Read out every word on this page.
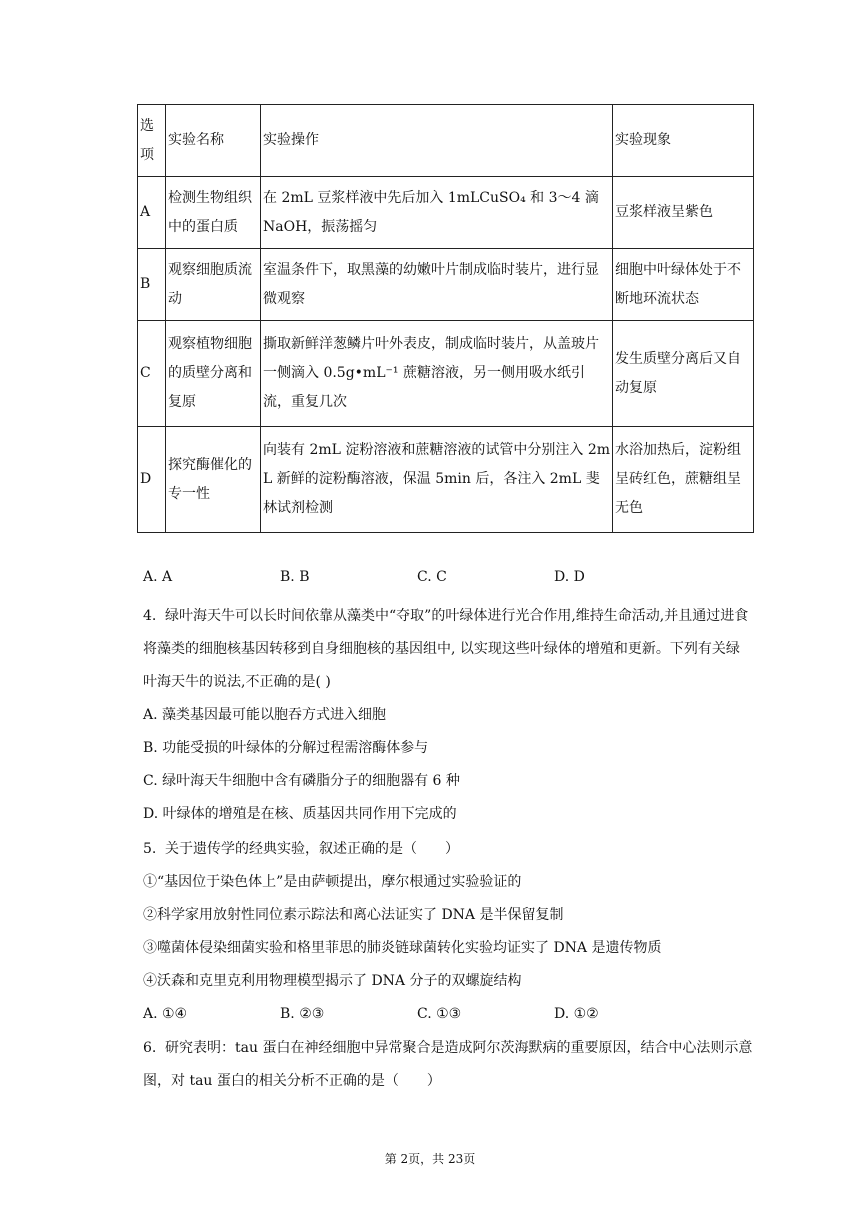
选项	实验名称	实验操作	实验现象
A	检测生物组织中的蛋白质	在 2mL 豆浆样液中先后加入 1mLCuSO₄ 和 3～4 滴 NaOH，振荡摇匀	豆浆样液呈紫色
B	观察细胞质流动	室温条件下，取黑藻的幼嫩叶片制成临时装片，进行显微观察	细胞中叶绿体处于不断地环流状态
C	观察植物细胞的质壁分离和复原	撕取新鲜洋葱鳞片叶外表皮，制成临时装片，从盖玻片一侧滴入 0.5g•mL⁻¹ 蔗糖溶液，另一侧用吸水纸引流，重复几次	发生质壁分离后又自动复原
D	探究酶催化的专一性	向装有 2mL 淀粉溶液和蔗糖溶液的试管中分别注入 2mL 新鲜的淀粉酶溶液，保温 5min 后，各注入 2mL 斐林试剂检测	水浴加热后，淀粉组呈砖红色，蔗糖组呈无色
A. A	B. B	C. C	D. D

4. 绿叶海天牛可以长时间依靠从藻类中“夺取”的叶绿体进行光合作用,维持生命活动,并且通过进食将藻类的细胞核基因转移到自身细胞核的基因组中, 以实现这些叶绿体的增殖和更新。下列有关绿叶海天牛的说法,不正确的是( )

A. 藻类基因最可能以胞吞方式进入细胞

B. 功能受损的叶绿体的分解过程需溶酶体参与

C. 绿叶海天牛细胞中含有磷脂分子的细胞器有 6 种

D. 叶绿体的增殖是在核、质基因共同作用下完成的

5. 关于遗传学的经典实验，叙述正确的是（　　）

①“基因位于染色体上”是由萨顿提出，摩尔根通过实验验证的

②科学家用放射性同位素示踪法和离心法证实了 DNA 是半保留复制

③噬菌体侵染细菌实验和格里菲思的肺炎链球菌转化实验均证实了 DNA 是遗传物质

④沃森和克里克利用物理模型揭示了 DNA 分子的双螺旋结构

A. ①④	B. ②③	C. ①③	D. ①②

6. 研究表明：tau 蛋白在神经细胞中异常聚合是造成阿尔茨海默病的重要原因，结合中心法则示意图，对 tau 蛋白的相关分析不正确的是（　　）

第 2页，共 23页
